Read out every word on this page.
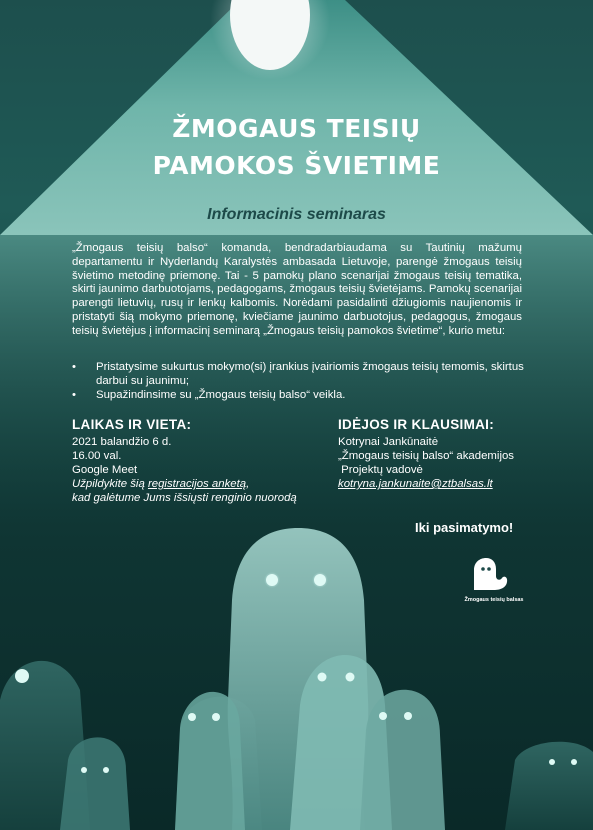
ŽMOGAUS TEISIŲ
PAMOKOS ŠVIETIME

Informacinis seminaras

„Žmogaus teisių balso“ komanda, bendradarbiaudama su Tautinių mažumų departamentu ir Nyderlandų Karalystės ambasada Lietuvoje, parengė žmogaus teisių švietimo metodinę priemonę. Tai - 5 pamokų plano scenarijai žmogaus teisių tematika, skirti jaunimo darbuotojams, pedagogams, žmogaus teisių švietėjams. Pamokų scenarijai parengti lietuvių, rusų ir lenkų kalbomis. Norėdami pasidalinti džiugiomis naujienomis ir pristatyti šią mokymo priemonę, kviečiame jaunimo darbuotojus, pedagogus, žmogaus teisių švietėjus į informacinį seminarą „Žmogaus teisių pamokos švietime“, kurio metu:

• Pristatysime sukurtus mokymo(si) įrankius įvairiomis žmogaus teisių temomis, skirtus darbui su jaunimu;
• Supažindinsime su „Žmogaus teisių balso“ veikla.
LAIKAS IR VIETA:
2021 balandžio 6 d.
16.00 val.
Google Meet
Užpildykite šią registracijos anketą,
kad galėtume Jums išsiųsti renginio nuorodą
IDĖJOS IR KLAUSIMAI:
Kotrynai Jankūnaitė
„Žmogaus teisių balso“ akademijos
Projektų vadovė
kotryna.jankunaite@ztbalsas.lt

Iki pasimatymo!

Žmogaus teisių balsas
